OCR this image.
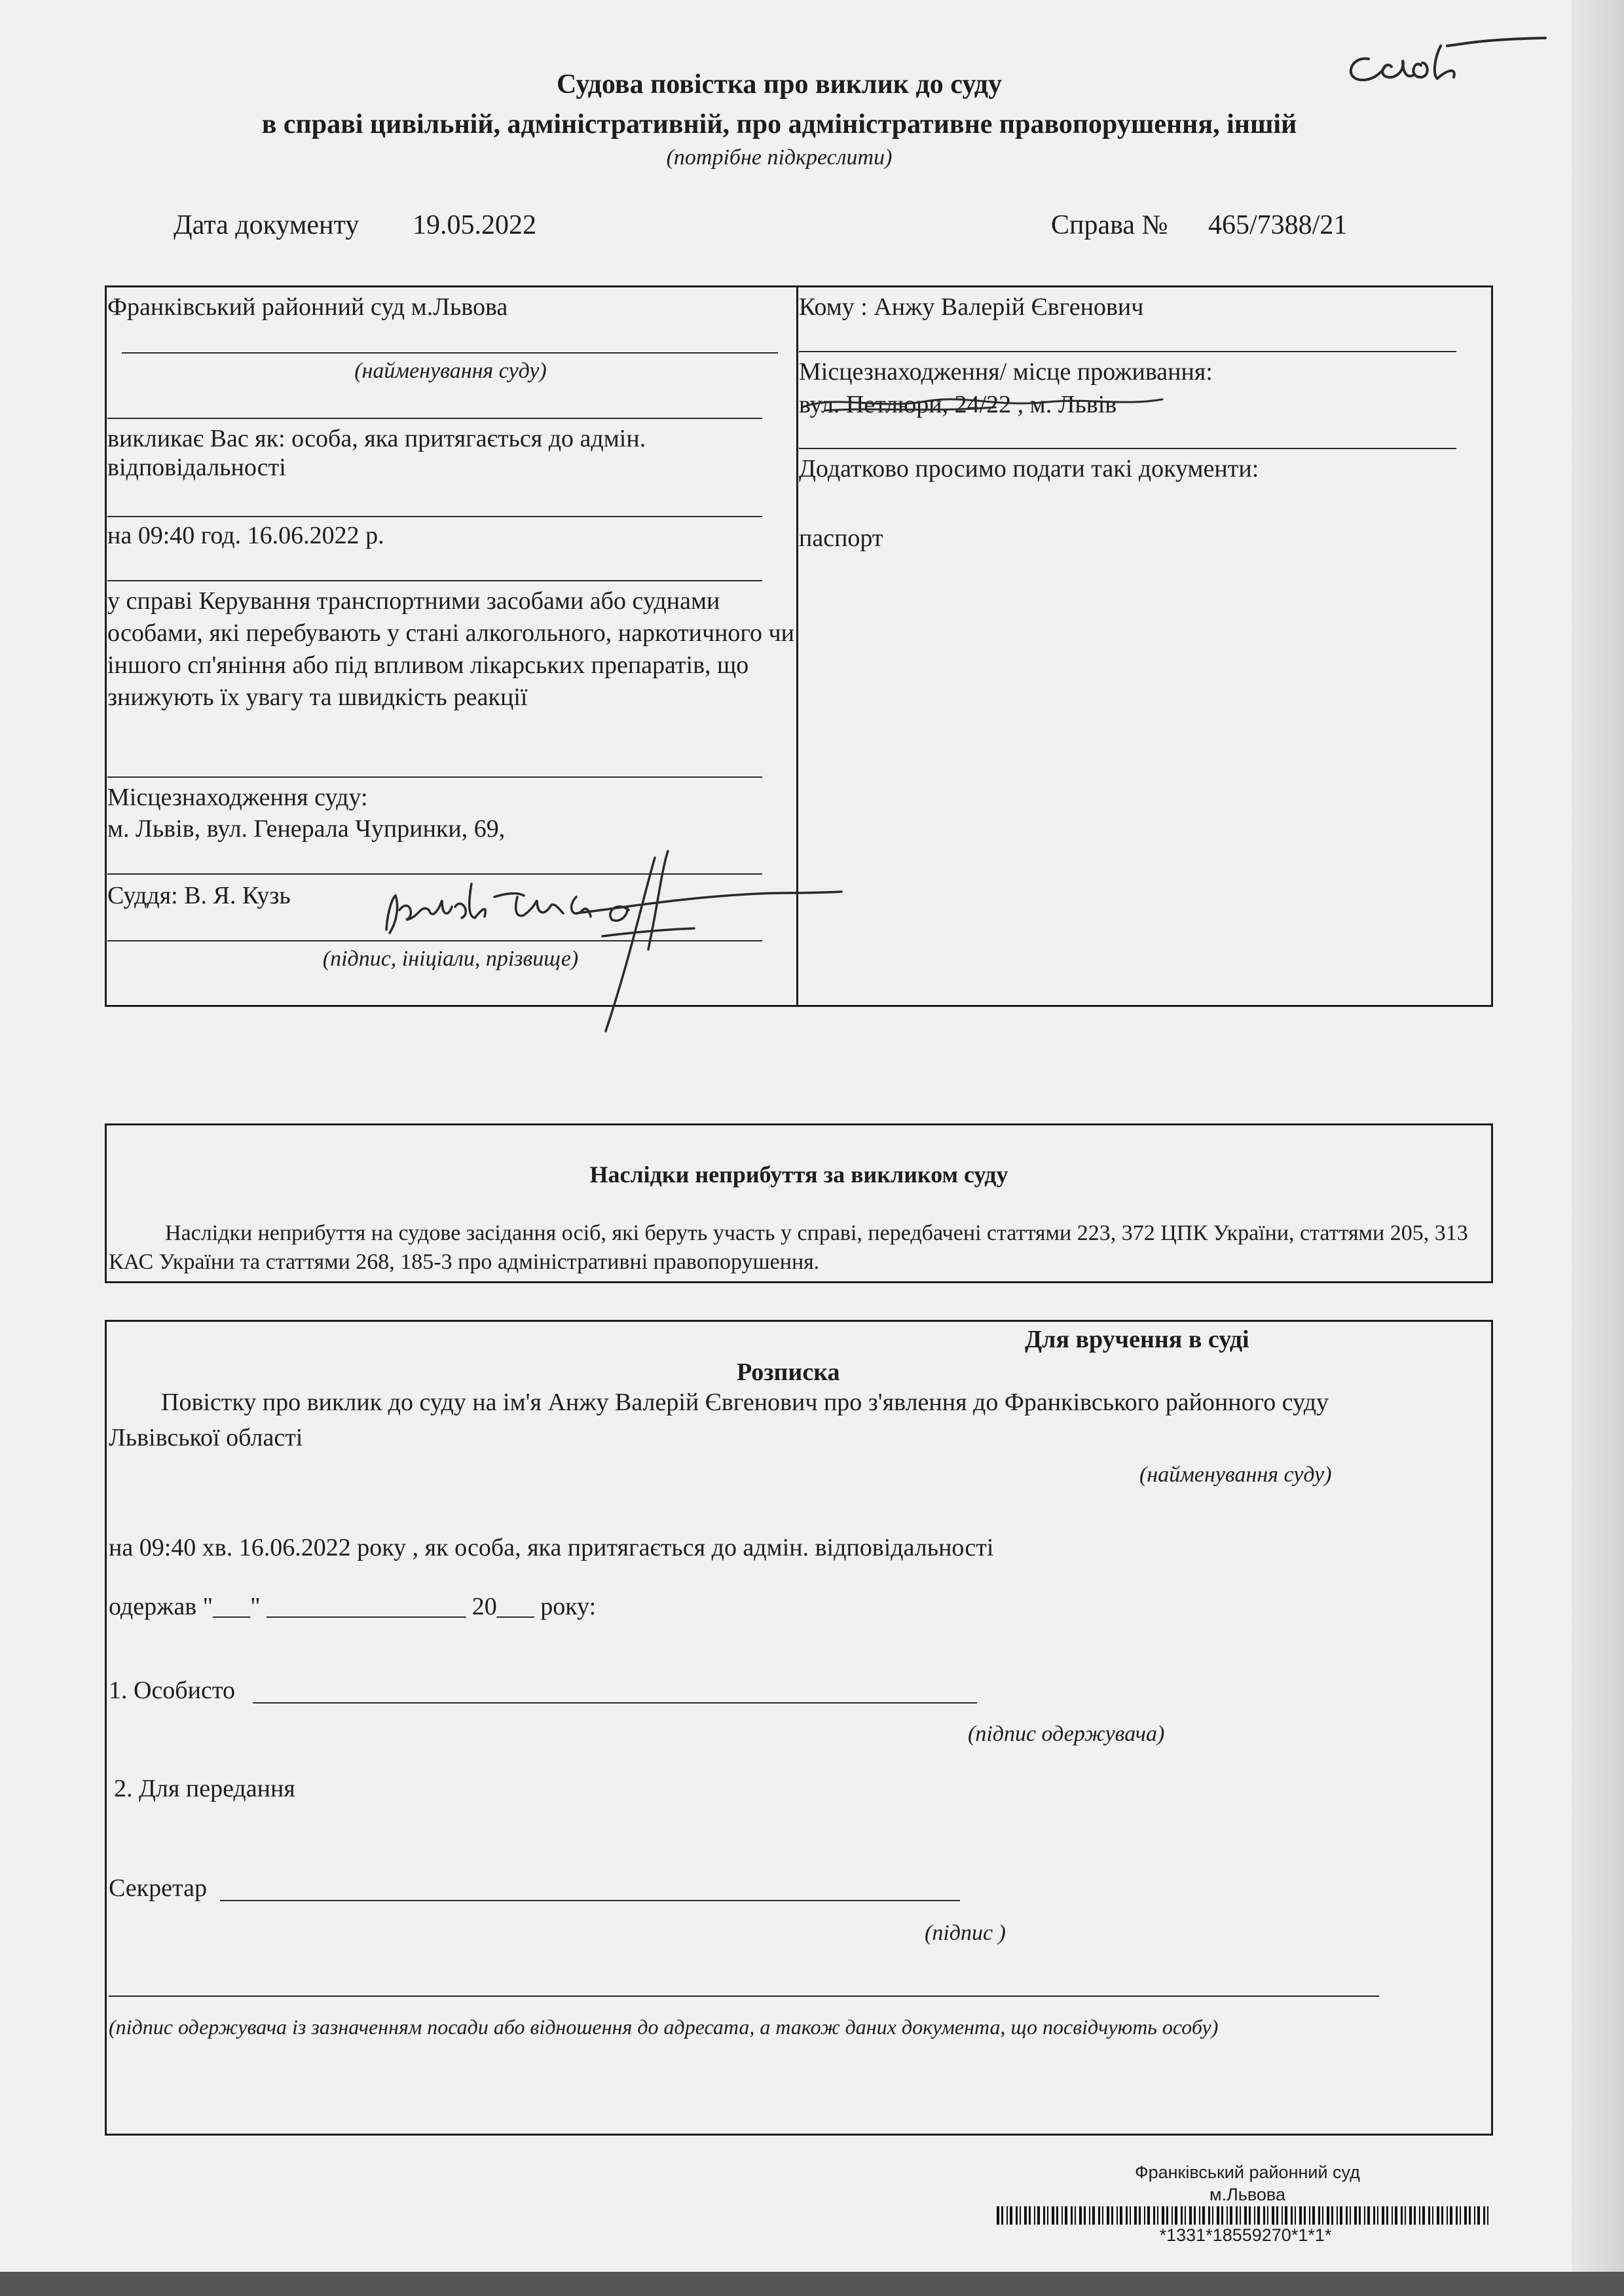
Судова повістка про виклик до суду
в справі цивільній, адміністративній, про адміністративне правопорушення, іншій
(потрібне підкреслити)
Дата документу 19.05.2022	Справа № 465/7388/21
Франківський районний суд м.Львова
(найменування суду)
викликає Вас як: особа, яка притягається до адмін. відповідальності
на 09:40 год. 16.06.2022 р.
у справі Керування транспортними засобами або суднами особами, які перебувають у стані алкогольного, наркотичного чи іншого сп'яніння або під впливом лікарських препаратів, що знижують їх увагу та швидкість реакції
Місцезнаходження суду:
м. Львів, вул. Генерала Чупринки, 69,
Суддя: В. Я. Кузь
(підпис, ініціали, прізвище)
Кому : Анжу Валерій Євгенович
Місцезнаходження/ місце проживання:
вул. Петлюри, 24/22 , м. Львів
Додатково просимо подати такі документи:
паспорт
Наслідки неприбуття за викликом суду
Наслідки неприбуття на судове засідання осіб, які беруть участь у справі, передбачені статтями 223, 372 ЦПК України, статтями 205, 313 КАС України та статтями 268, 185-3 про адміністративні правопорушення.
Для вручення в суді
Розписка
Повістку про виклик до суду на ім'я Анжу Валерій Євгенович про з'явлення до Франківського районного суду
Львівської області
(найменування суду)
на 09:40 хв. 16.06.2022 року , як особа, яка притягається до адмін. відповідальності
одержав "___" ________________ 20___ року:
1. Особисто
(підпис одержувача)
2. Для передання
Секретар
(підпис )
(підпис одержувача із зазначенням посади або відношення до адресата, а також даних документа, що посвідчують особу)
Франківський районний суд
м.Львова
*1331*18559270*1*1*
